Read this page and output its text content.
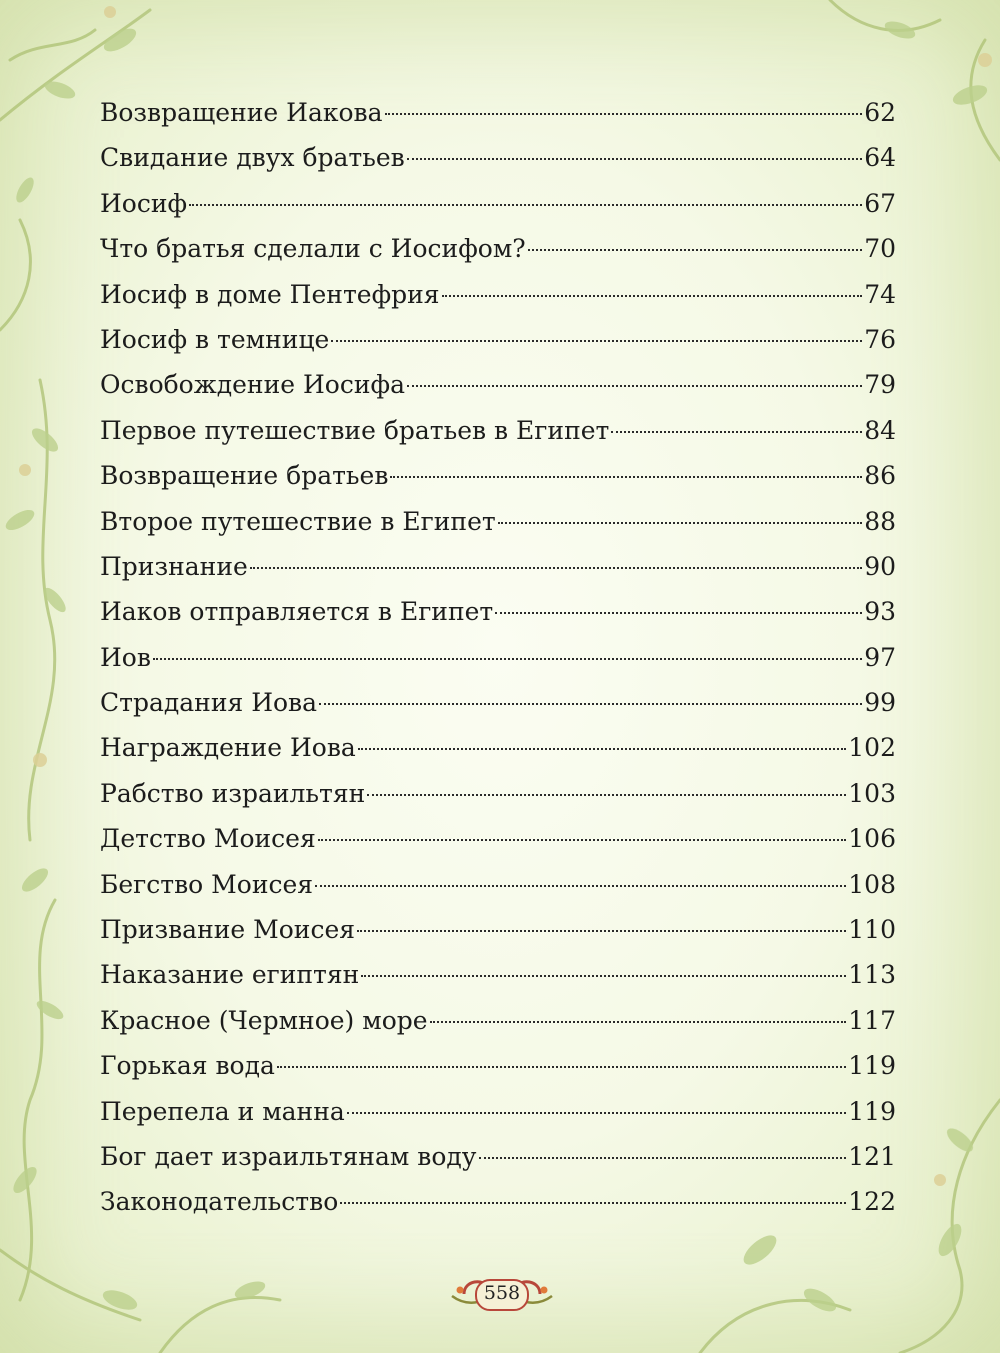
Возвращение Иакова	62
Свидание двух братьев	64
Иосиф	67
Что братья сделали с Иосифом?	70
Иосиф в доме Пентефрия	74
Иосиф в темнице	76
Освобождение Иосифа	79
Первое путешествие братьев в Египет	84
Возвращение братьев	86
Второе путешествие в Египет	88
Признание	90
Иаков отправляется в Египет	93
Иов	97
Страдания Иова	99
Награждение Иова	102
Рабство израильтян	103
Детство Моисея	106
Бегство Моисея	108
Призвание Моисея	110
Наказание египтян	113
Красное (Чермное) море	117
Горькая вода	119
Перепела и манна	119
Бог дает израильтянам воду	121
Законодательство	122
558
